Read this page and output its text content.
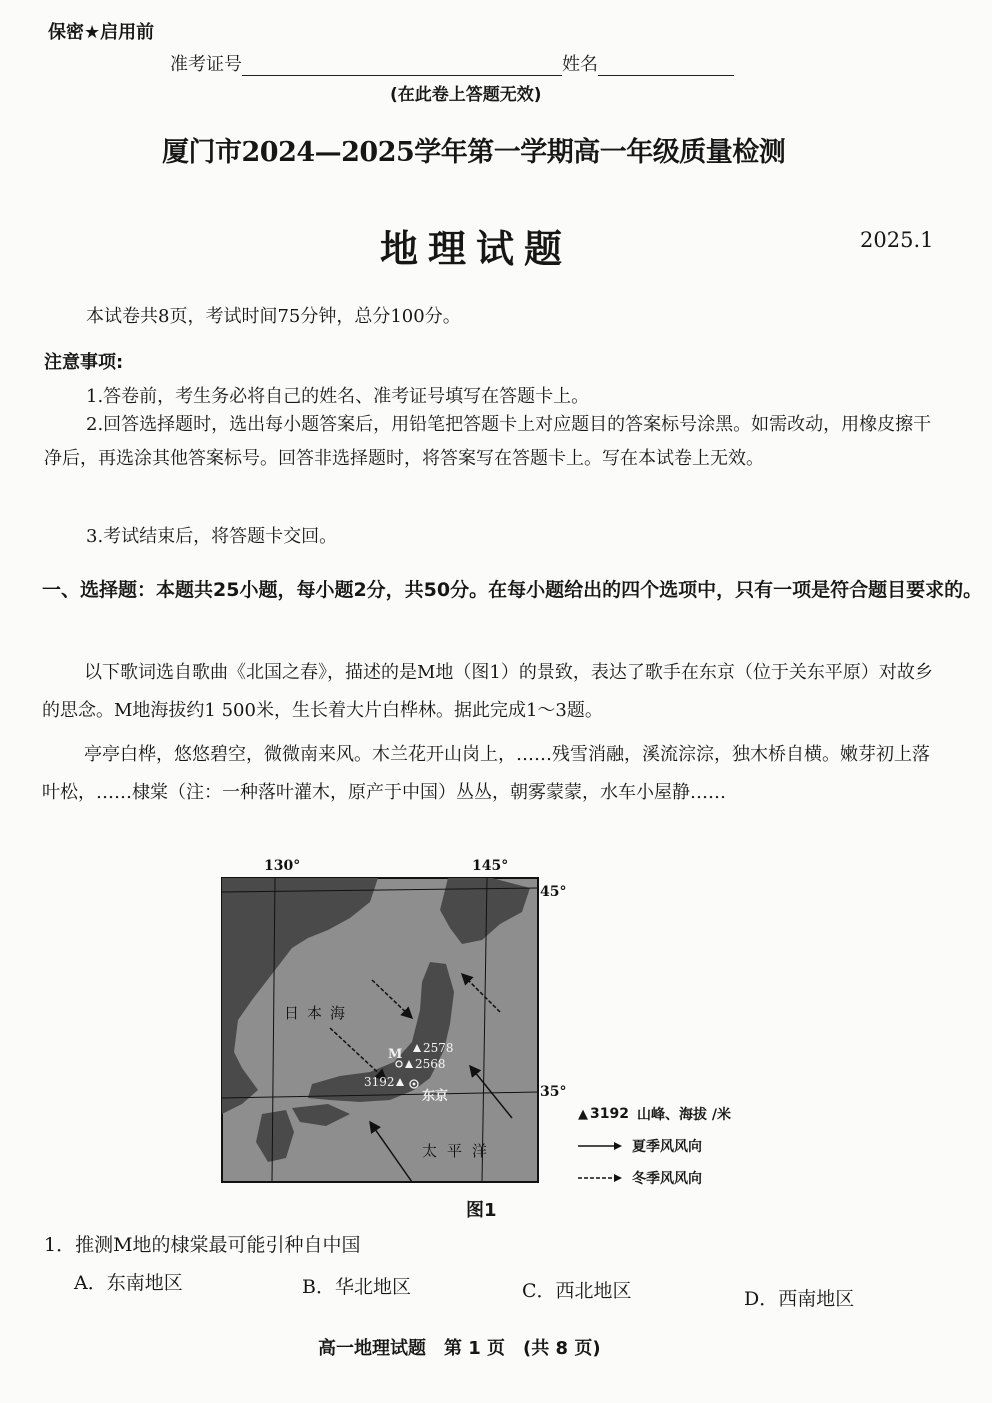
保密★启用前
准考证号	姓名
(在此卷上答题无效)
厦门市2024—2025学年第一学期高一年级质量检测
地理试题	2025.1
本试卷共8页，考试时间75分钟，总分100分。
注意事项:
1.答卷前，考生务必将自己的姓名、准考证号填写在答题卡上。
2.回答选择题时，选出每小题答案后，用铅笔把答题卡上对应题目的答案标号涂黑。如需改动，用橡皮擦干净后，再选涂其他答案标号。回答非选择题时，将答案写在答题卡上。写在本试卷上无效。
3.考试结束后，将答题卡交回。
一、选择题：本题共25小题，每小题2分，共50分。在每小题给出的四个选项中，只有一项是符合题目要求的。
以下歌词选自歌曲《北国之春》，描述的是M地（图1）的景致，表达了歌手在东京（位于关东平原）对故乡的思念。M地海拔约1 500米，生长着大片白桦林。据此完成1～3题。
亭亭白桦，悠悠碧空，微微南来风。木兰花开山岗上，……残雪消融，溪流淙淙，独木桥自横。嫩芽初上落叶松，……棣棠（注：一种落叶灌木，原产于中国）丛丛，朝雾蒙蒙，水车小屋静……
130°	145°
45°
35°
日本海
太平洋
M 2578
2568
3192
东京
▲ 3192 山峰、海拔 /米
夏季风风向
冬季风风向
图1
1．推测M地的棣棠最可能引种自中国
A．东南地区	B．华北地区	C．西北地区	D．西南地区
高一地理试题　第 1 页　(共 8 页)
